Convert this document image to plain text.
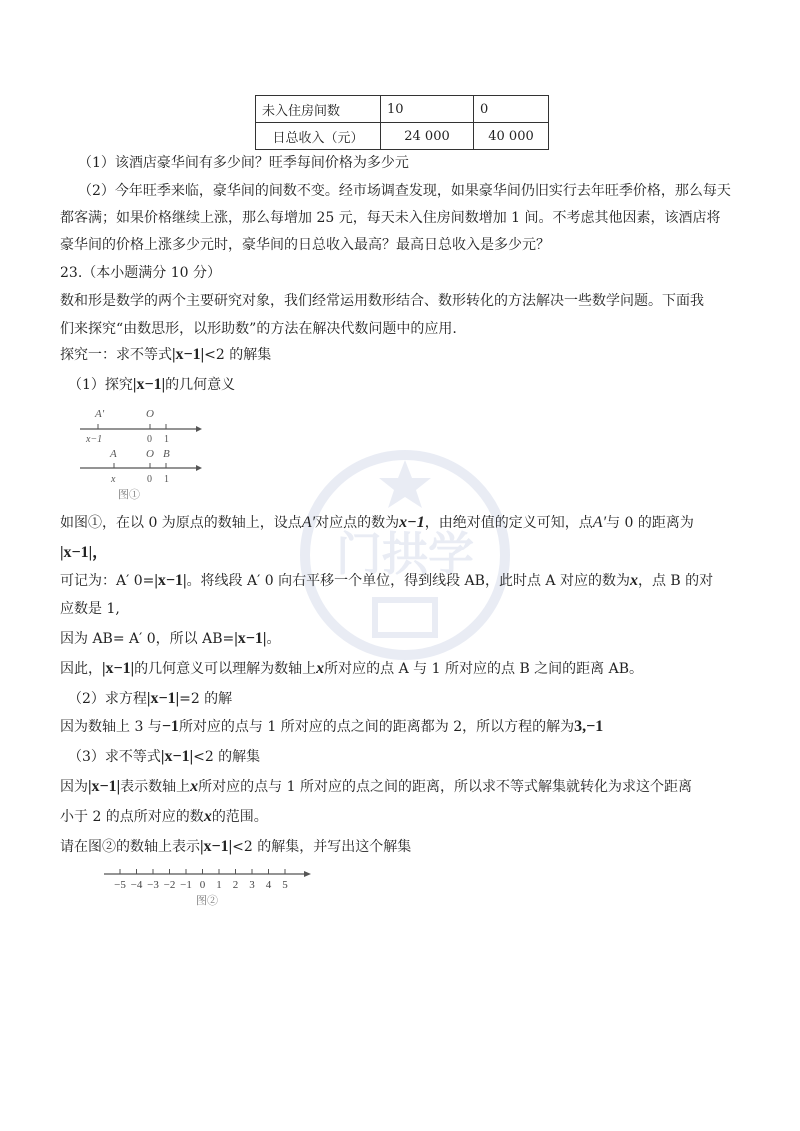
门拱学
未入住房间数	10	0
日总收入（元）	24 000	40 000
（1）该酒店豪华间有多少间？旺季每间价格为多少元
（2）今年旺季来临，豪华间的间数不变。经市场调查发现，如果豪华间仍旧实行去年旺季价格，那么每天
都客满；如果价格继续上涨，那么每增加 25 元，每天未入住房间数增加 1 间。不考虑其他因素，该酒店将
豪华间的价格上涨多少元时，豪华间的日总收入最高？最高日总收入是多少元？
23.（本小题满分 10 分）
数和形是数学的两个主要研究对象，我们经常运用数形结合、数形转化的方法解决一些数学问题。下面我
们来探究“由数思形，以形助数”的方法在解决代数问题中的应用.
探究一：求不等式|x−1|<2 的解集
（1）探究|x−1|的几何意义
A′	O
x−1	0 1
A	O B
x	0 1
图①
如图①，在以 0 为原点的数轴上，设点A′对应点的数为x−1，由绝对值的定义可知，点A′与 0 的距离为
|x−1|，
可记为：A′ 0=|x−1|。将线段 A′ 0 向右平移一个单位，得到线段 AB，此时点 A 对应的数为x，点 B 的对
应数是 1,
因为 AB= A′ 0，所以 AB=|x−1|。
因此，|x−1|的几何意义可以理解为数轴上x所对应的点 A 与 1 所对应的点 B 之间的距离 AB。
（2）求方程|x−1|=2 的解
因为数轴上 3 与−1所对应的点与 1 所对应的点之间的距离都为 2，所以方程的解为3,−1
（3）求不等式|x−1|<2 的解集
因为|x−1|表示数轴上x所对应的点与 1 所对应的点之间的距离，所以求不等式解集就转化为求这个距离
小于 2 的点所对应的数x的范围。
请在图②的数轴上表示|x−1|<2 的解集，并写出这个解集
−5 −4 −3 −2 −1 0 1 2 3 4 5
图②
